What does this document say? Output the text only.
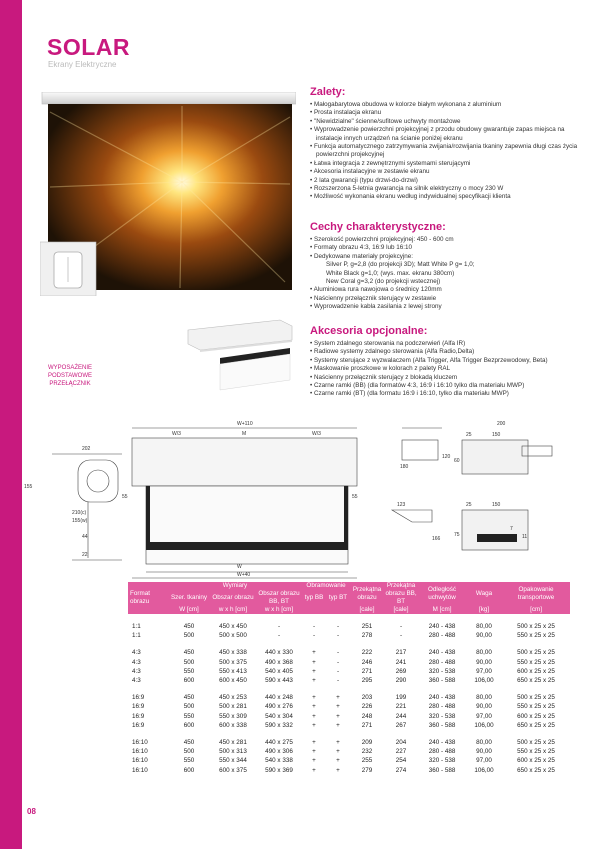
SOLAR
Ekrany Elektryczne
WYPOSAŻENIE
PODSTAWOWE
PRZEŁĄCZNIK
Zalety:
• Małogabarytowa obudowa w kolorze białym wykonana z aluminium
• Prosta instalacja ekranu
• "Niewidzialne" ścienne/sufitowe uchwyty montażowe
• Wyprowadzenie powierzchni projekcyjnej z przodu obudowy gwarantuje zapas miejsca na instalacje innych urządzeń na ścianie poniżej ekranu
• Funkcja automatycznego zatrzymywania zwijania/rozwijania tkaniny zapewnia długi czas życia powierzchni projekcyjnej
• Łatwa integracja z zewnętrznymi systemami sterującymi
• Akcesoria instalacyjne w zestawie ekranu
• 2 lata gwarancji (typu drzwi-do-drzwi)
• Rozszerzona 5-letnia gwarancja na silnik elektryczny o mocy 230 W
• Możliwość wykonania ekranu według indywidualnej specyfikacji klienta
Cechy charakterystyczne:
• Szerokość powierzchni projekcyjnej: 450 - 600 cm
• Formaty obrazu 4:3, 16:9 lub 16:10
• Dedykowane materiały projekcyjne:
Silver P, g=2,8 (do projekcji 3D); Matt White P g= 1,0;
White Black g=1,0; (wys. max. ekranu 380cm)
New Coral g=3,2 (do projekcji wstecznej)
• Aluminiowa rura nawojowa o średnicy 120mm
• Naścienny przełącznik sterujący w zestawie
• Wyprowadzenie kabla zasilania z lewej strony
Akcesoria opcjonalne:
• System zdalnego sterowania na podczerwień (Alfa IR)
• Radiowe systemy zdalnego sterowania (Alfa Radio,Delta)
• Systemy sterujące z wyzwalaczem (Alfa Trigger, Alfa Trigger Bezprzewodowy, Beta)
• Maskowanie proszkowe w kolorach z palety RAL
• Naścienny przełącznik sterujący z blokadą kluczem
• Czarne ramki (BB) (dla formatów 4:3, 16:9 i 16:10 tylko dla materiału MWP)
• Czarne ramki (BT) (dla formatu 16:9 i 16:10, tylko dla materiału MWP)
W+110
W/3	M	W/3
W
W+40
55	55
202
155
210(c)
155(w)
44
22
180
120
200
25	150
123	25	150
60
166
75
7
11
Format obrazu	Wymiary			Obramowanie		Przekątna obrazu	Przekątna obrazu BB, BT	Odległość uchwytów	Waga	Opakowanie transportowe
	Szer. tkaniny	Obszar obrazu	Obszar obrazu BB, BT	typ BB	typ BT					
	W [cm]	w x h [cm]	w x h [cm]			[cale]	[cale]	M [cm]	[kg]	[cm]
1:1	450	450 x 450	-	-	-	251	-	240 - 438	80,00	500 x 25 x 25
1:1	500	500 x 500	-	-	-	278	-	280 - 488	90,00	550 x 25 x 25
4:3	450	450 x 338	440 x 330	+	-	222	217	240 - 438	80,00	500 x 25 x 25
4:3	500	500 x 375	490 x 368	+	-	246	241	280 - 488	90,00	550 x 25 x 25
4:3	550	550 x 413	540 x 405	+	-	271	269	320 - 538	97,00	600 x 25 x 25
4:3	600	600 x 450	590 x 443	+	-	295	290	360 - 588	106,00	650 x 25 x 25
16:9	450	450 x 253	440 x 248	+	+	203	199	240 - 438	80,00	500 x 25 x 25
16:9	500	500 x 281	490 x 276	+	+	226	221	280 - 488	90,00	550 x 25 x 25
16:9	550	550 x 309	540 x 304	+	+	248	244	320 - 538	97,00	600 x 25 x 25
16:9	600	600 x 338	590 x 332	+	+	271	267	360 - 588	106,00	650 x 25 x 25
16:10	450	450 x 281	440 x 275	+	+	209	204	240 - 438	80,00	500 x 25 x 25
16:10	500	500 x 313	490 x 306	+	+	232	227	280 - 488	90,00	550 x 25 x 25
16:10	550	550 x 344	540 x 338	+	+	255	254	320 - 538	97,00	600 x 25 x 25
16:10	600	600 x 375	590 x 369	+	+	279	274	360 - 588	106,00	650 x 25 x 25
08
